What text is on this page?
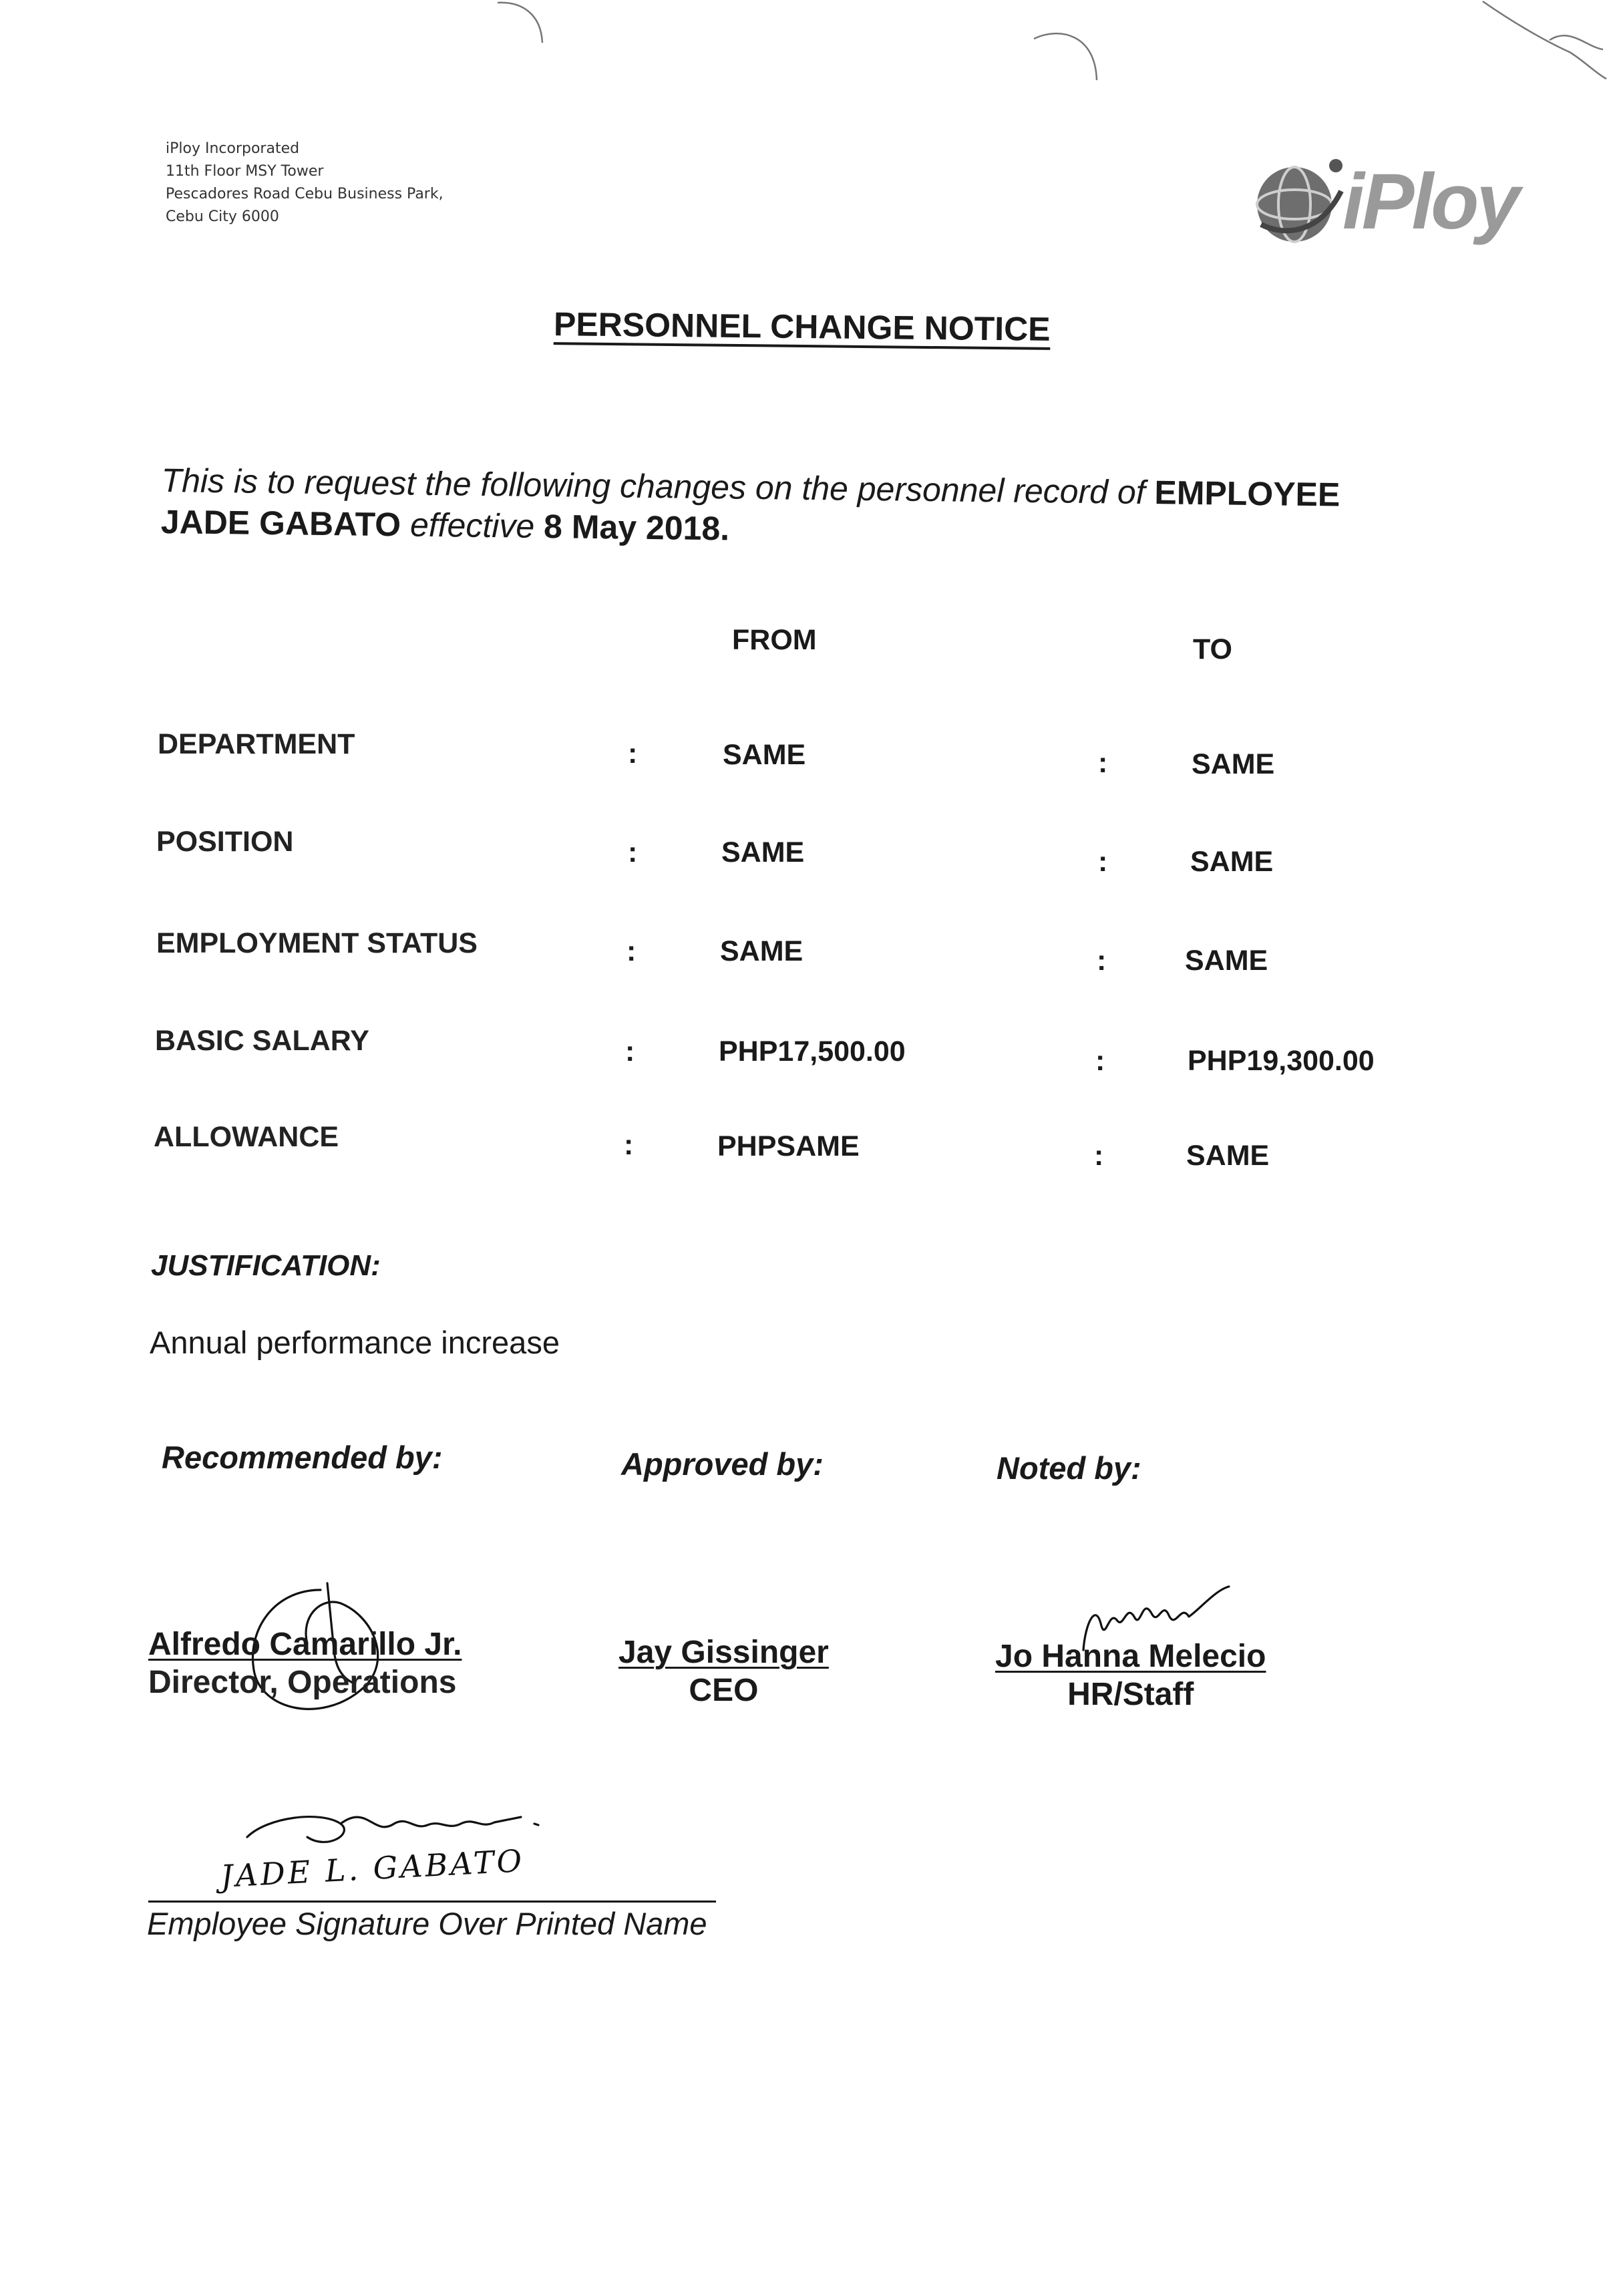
iPloy Incorporated
11th Floor MSY Tower
Pescadores Road Cebu Business Park,
Cebu City 6000	iPloy
PERSONNEL CHANGE NOTICE
This is to request the following changes on the personnel record of EMPLOYEE
JADE GABATO effective 8 May 2018.
FROM	TO
DEPARTMENT	:	SAME	:	SAME
POSITION	:	SAME	:	SAME
EMPLOYMENT STATUS	:	SAME	:	SAME
BASIC SALARY	:	PHP17,500.00	:	PHP19,300.00
ALLOWANCE	:	PHPSAME	:	SAME
JUSTIFICATION:
Annual performance increase
Recommended by:	Approved by:	Noted by:
Alfredo Camarillo Jr.
Director, Operations
Jay Gissinger
CEO
Jo Hanna Melecio
HR/Staff
JADE L. GABATO
Employee Signature Over Printed Name
